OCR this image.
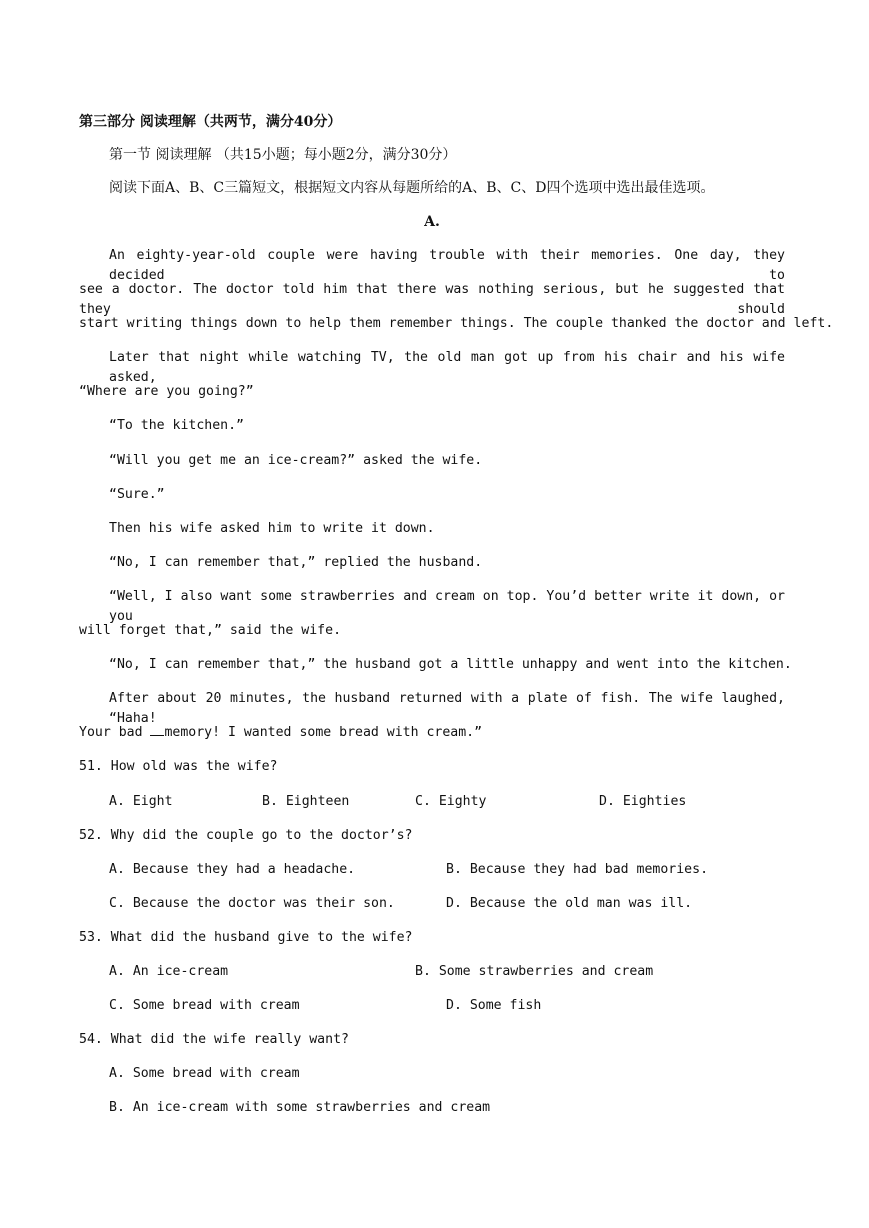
第三部分 阅读理解（共两节，满分40分）
第一节 阅读理解 （共15小题；每小题2分，满分30分）
阅读下面A、B、C三篇短文，根据短文内容从每题所给的A、B、C、D四个选项中选出最佳选项。
A.
An eighty-year-old couple were having trouble with their memories. One day, they decided to
see a doctor. The doctor told him that there was nothing serious, but he suggested that they should
start writing things down to help them remember things. The couple thanked the doctor and left.
Later that night while watching TV, the old man got up from his chair and his wife asked,
“Where are you going?”
“To the kitchen.”
“Will you get me an ice-cream?” asked the wife.
“Sure.”
Then his wife asked him to write it down.
“No, I can remember that,” replied the husband.
“Well, I also want some strawberries and cream on top. You’d better write it down, or you
will forget that,” said the wife.
“No, I can remember that,” the husband got a little unhappy and went into the kitchen.
After about 20 minutes, the husband returned with a plate of fish. The wife laughed, “Haha!
Your bad memory! I wanted some bread with cream.”
51. How old was the wife?
A. Eight	B. Eighteen	C. Eighty	D. Eighties
52. Why did the couple go to the doctor’s?
A. Because they had a headache.	B. Because they had bad memories.
C. Because the doctor was their son.	D. Because the old man was ill.
53. What did the husband give to the wife?
A. An ice-cream	B. Some strawberries and cream
C. Some bread with cream	D. Some fish
54. What did the wife really want?
A. Some bread with cream
B. An ice-cream with some strawberries and cream
